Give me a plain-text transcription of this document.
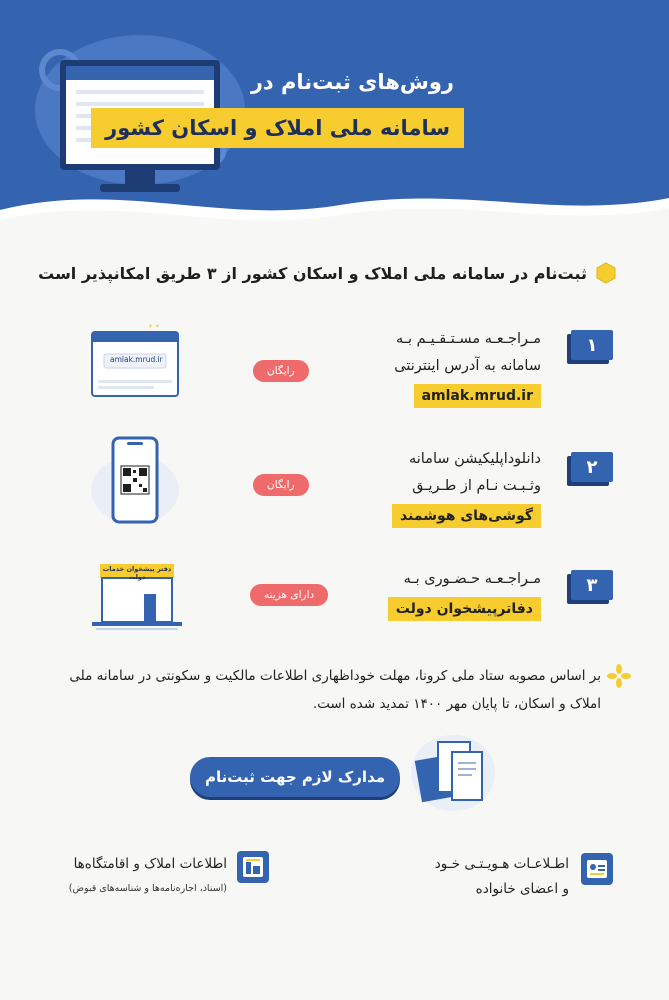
روش‌های ثبت‌نام در
سامانه ملی املاک و اسکان کشور
ثبت‌نام در سامانه ملی املاک و اسکان کشور از ۳ طریق امکانپذیر است
۱
مـراجـعـه مسـتـقـیـم بـه
سامانه به آدرس اینترنتی
amlak.mrud.ir
رایگان
✦ ✦
amlak.mrud.ir
۲
دانلوداپلیکیشن سامانه
وثـبـت نـام از طـریـق
گوشی‌های هوشمند
رایگان
۳
مـراجـعـه حـضـوری بـه
دفاترپیشخوان دولت
دارای هزینه
دفتر پیشخوان خدمات دولت
بر اساس مصوبه ستاد ملی کرونا، مهلت خوداظهاری اطلاعات مالکیت و سکونتی در سامانه ملی املاک و اسکان، تا پایان مهر ۱۴۰۰ تمدید شده است.
مدارک لازم جهت ثبت‌نام
اطـلاعـات هـویـتـی خـود
و اعضای خانواده
اطلاعات املاک و اقامتگاه‌ها
(اسناد، اجاره‌نامه‌ها و شناسه‌های قبوض)
